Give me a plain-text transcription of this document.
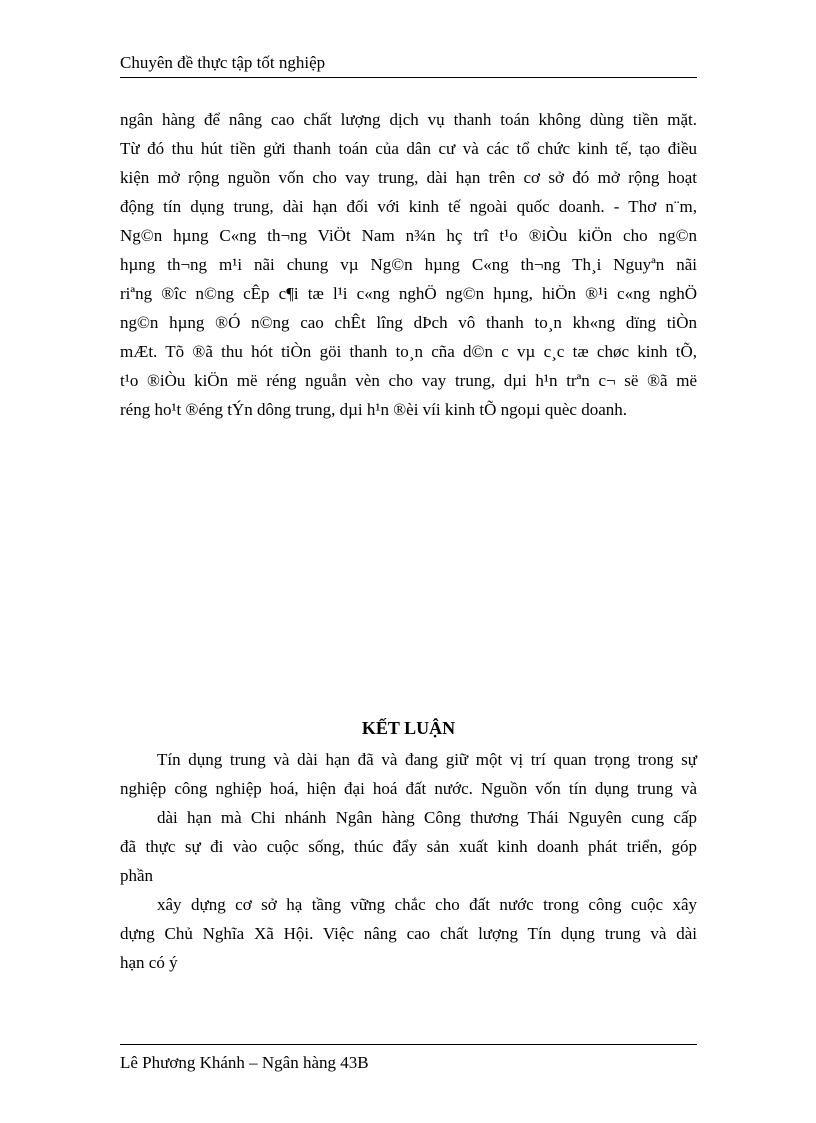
Chuyên đề thực tập tốt nghiệp
ngân hàng để nâng cao chất lượng dịch vụ thanh toán không dùng tiền mặt.
Từ đó thu hút tiền gửi thanh toán của dân cư và các tổ chức kinh tế, tạo điều
kiện mở rộng nguồn vốn cho vay trung, dài hạn trên cơ sở đó mở rộng hoạt
động tín dụng trung, dài hạn đối với kinh tế ngoài quốc doanh. - Thơ n¨m,
Ng©n hµng C«ng th¬ng ViÖt Nam n¾n hç trî t¹o ®iÒu kiÖn cho ng©n
hµng th¬ng m¹i nãi chung vµ Ng©n hµng C«ng th¬ng Th¸i Nguyªn nãi
riªng ®îc n©ng cÊp c¶i tæ l¹i c«ng nghÖ ng©n hµng, hiÖn ®¹i c«ng nghÖ
ng©n hµng ®Ó n©ng cao chÊt lîng dÞch vô thanh to¸n kh«ng dïng tiÒn
mÆt. Tõ ®ã thu hót tiÒn göi thanh to¸n cña d©n c vµ c¸c tæ chøc kinh tÕ,
t¹o ®iÒu kiÖn më réng nguån vèn cho vay trung, dµi h¹n trªn c¬ së ®ã më
réng ho¹t ®éng tÝn dông trung, dµi h¹n ®èi víi kinh tÕ ngoµi quèc doanh.
KẾT LUẬN
Tín dụng trung và dài hạn đã và đang giữ một vị trí quan trọng trong sự
nghiệp công nghiệp hoá, hiện đại hoá đất nước. Nguồn vốn tín dụng trung và
dài hạn mà Chi nhánh Ngân hàng Công thương Thái Nguyên cung cấp
đã thực sự đi vào cuộc sống, thúc đẩy sản xuất kinh doanh phát triển, góp
phần
xây dựng cơ sở hạ tầng vững chắc cho đất nước trong công cuộc xây
dựng Chủ Nghĩa Xã Hội. Việc nâng cao chất lượng Tín dụng trung và dài
hạn có ý
Lê Phương Khánh – Ngân hàng 43B
